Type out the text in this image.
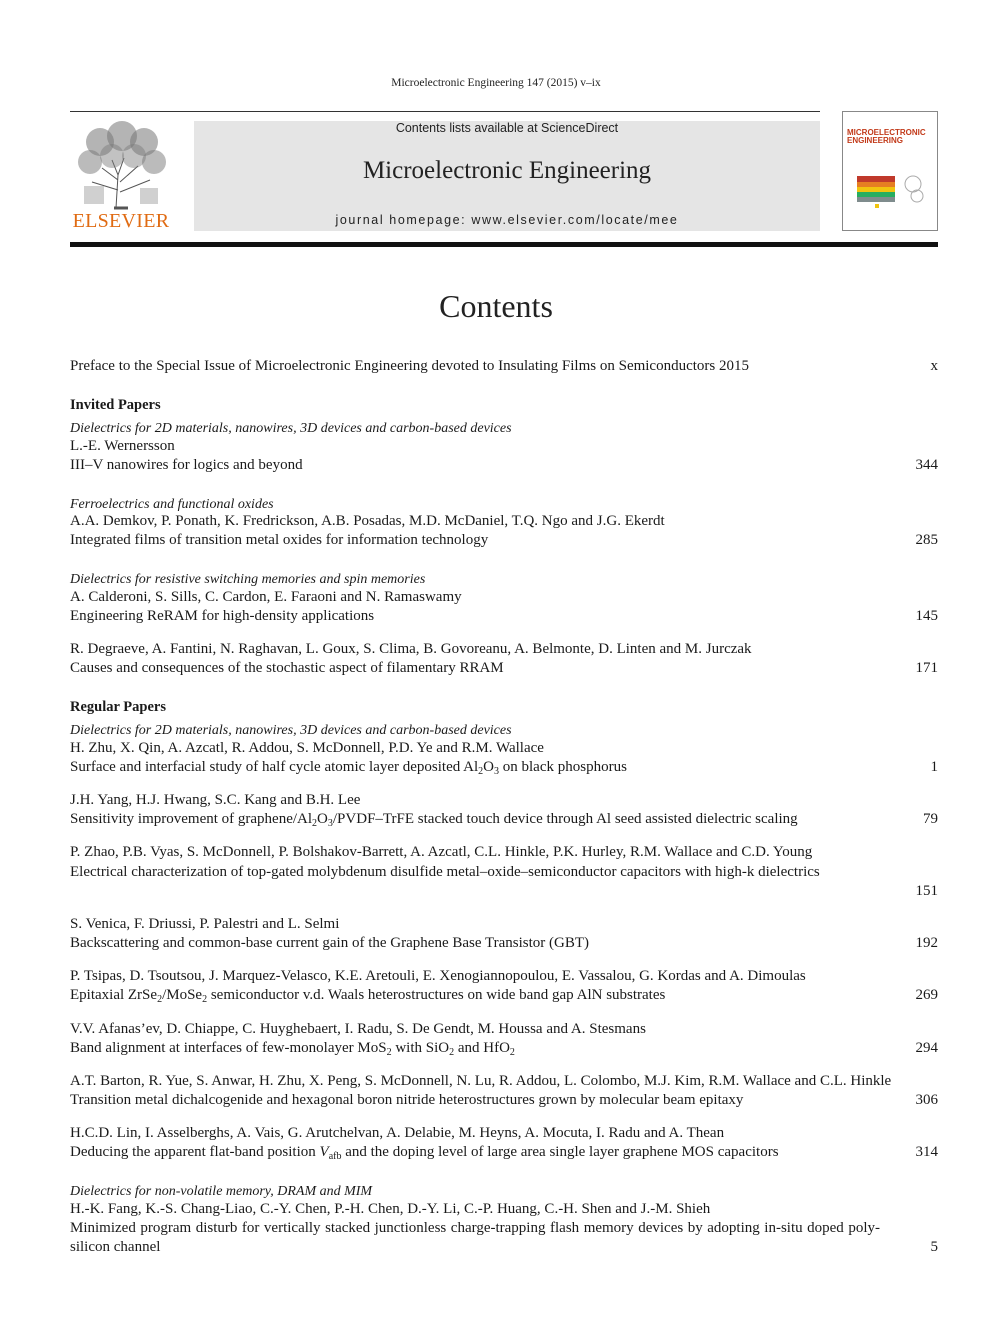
Microelectronic Engineering 147 (2015) v–ix
ELSEVIER
Contents lists available at ScienceDirect
Microelectronic Engineering
journal homepage: www.elsevier.com/locate/mee
MICROELECTRONIC
ENGINEERING
Contents
Preface to the Special Issue of Microelectronic Engineering devoted to Insulating Films on Semiconductors 2015	x
Invited Papers
Dielectrics for 2D materials, nanowires, 3D devices and carbon-based devices
L.-E. Wernersson
III–V nanowires for logics and beyond	344
Ferroelectrics and functional oxides
A.A. Demkov, P. Ponath, K. Fredrickson, A.B. Posadas, M.D. McDaniel, T.Q. Ngo and J.G. Ekerdt
Integrated films of transition metal oxides for information technology	285
Dielectrics for resistive switching memories and spin memories
A. Calderoni, S. Sills, C. Cardon, E. Faraoni and N. Ramaswamy
Engineering ReRAM for high-density applications	145
R. Degraeve, A. Fantini, N. Raghavan, L. Goux, S. Clima, B. Govoreanu, A. Belmonte, D. Linten and M. Jurczak
Causes and consequences of the stochastic aspect of filamentary RRAM	171
Regular Papers
Dielectrics for 2D materials, nanowires, 3D devices and carbon-based devices
H. Zhu, X. Qin, A. Azcatl, R. Addou, S. McDonnell, P.D. Ye and R.M. Wallace
Surface and interfacial study of half cycle atomic layer deposited $Al_2O_3$ on black phosphorus	1
J.H. Yang, H.J. Hwang, S.C. Kang and B.H. Lee
Sensitivity improvement of graphene/$Al_2O_3/PVDF$–TrFE stacked touch device through Al seed assisted dielectric scaling	79
P. Zhao, P.B. Vyas, S. McDonnell, P. Bolshakov-Barrett, A. Azcatl, C.L. Hinkle, P.K. Hurley, R.M. Wallace and C.D. Young
Electrical characterization of top-gated molybdenum disulfide metal–oxide–semiconductor capacitors with high-k dielectrics
151
S. Venica, F. Driussi, P. Palestri and L. Selmi
Backscattering and common-base current gain of the Graphene Base Transistor (GBT)	192
P. Tsipas, D. Tsoutsou, J. Marquez-Velasco, K.E. Aretouli, E. Xenogiannopoulou, E. Vassalou, G. Kordas and A. Dimoulas
Epitaxial ZrSe$_2$/MoSe$_2$ semiconductor v.d. Waals heterostructures on wide band gap AlN substrates	269
V.V. Afanas’ev, D. Chiappe, C. Huyghebaert, I. Radu, S. De Gendt, M. Houssa and A. Stesmans
Band alignment at interfaces of few-monolayer MoS$_2$ with SiO$_2$ and HfO$_2$	294
A.T. Barton, R. Yue, S. Anwar, H. Zhu, X. Peng, S. McDonnell, N. Lu, R. Addou, L. Colombo, M.J. Kim, R.M. Wallace and C.L. Hinkle
Transition metal dichalcogenide and hexagonal boron nitride heterostructures grown by molecular beam epitaxy	306
H.C.D. Lin, I. Asselberghs, A. Vais, G. Arutchelvan, A. Delabie, M. Heyns, A. Mocuta, I. Radu and A. Thean
Deducing the apparent flat-band position $V_{afb}$ and the doping level of large area single layer graphene MOS capacitors	314
Dielectrics for non-volatile memory, DRAM and MIM
H.-K. Fang, K.-S. Chang-Liao, C.-Y. Chen, P.-H. Chen, D.-Y. Li, C.-P. Huang, C.-H. Shen and J.-M. Shieh
Minimized program disturb for vertically stacked junctionless charge-trapping flash memory devices by adopting in-situ doped poly-silicon channel	5
